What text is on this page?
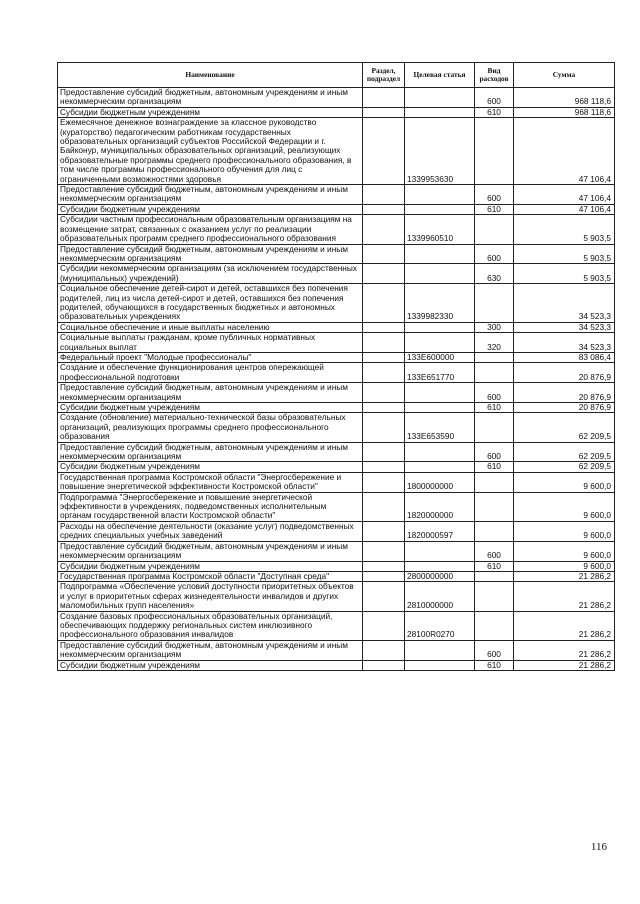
Наименование	Раздел, подраздел	Целевая статья	Вид расходов	Сумма
Предоставление субсидий бюджетным, автономным учреждениям и иным некоммерческим организациям			600	968 118,6
Субсидии бюджетным учреждениям			610	968 118,6
Ежемесячное денежное вознаграждение за классное руководство (кураторство) педагогическим работникам государственных образовательных организаций субъектов Российской Федерации и г. Байконур, муниципальных образовательных организаций, реализующих образовательные программы среднего профессионального образования, в том числе программы профессионального обучения для лиц с ограниченными возможностями здоровья		1339953630		47 106,4
Предоставление субсидий бюджетным, автономным учреждениям и иным некоммерческим организациям			600	47 106,4
Субсидии бюджетным учреждениям			610	47 106,4
Субсидии частным профессиональным образовательным организациям на возмещение затрат, связанных с оказанием услуг по реализации образовательных программ среднего профессионального образования		1339960510		5 903,5
Предоставление субсидий бюджетным, автономным учреждениям и иным некоммерческим организациям			600	5 903,5
Субсидии некоммерческим организациям (за исключением государственных (муниципальных) учреждений)			630	5 903,5
Социальное обеспечение детей-сирот и детей, оставшихся без попечения родителей, лиц из числа детей-сирот и детей, оставшихся без попечения родителей, обучающихся в государственных бюджетных и автономных образовательных учреждениях		1339982330		34 523,3
Социальное обеспечение и иные выплаты населению			300	34 523,3
Социальные выплаты гражданам, кроме публичных нормативных социальных выплат			320	34 523,3
Федеральный проект "Молодые профессионалы"		133Е600000		83 086,4
Создание и обеспечение функционирования центров опережающей профессиональной подготовки		133Е651770		20 876,9
Предоставление субсидий бюджетным, автономным учреждениям и иным некоммерческим организациям			600	20 876,9
Субсидии бюджетным учреждениям			610	20 876,9
Создание (обновление) материально-технической базы образовательных организаций, реализующих программы среднего профессионального образования		133Е653590		62 209,5
Предоставление субсидий бюджетным, автономным учреждениям и иным некоммерческим организациям			600	62 209,5
Субсидии бюджетным учреждениям			610	62 209,5
Государственная программа Костромской области "Энергосбережение и повышение энергетической эффективности Костромской области"		1800000000		9 600,0
Подпрограмма "Энергосбережение и повышение энергетической эффективности в учреждениях, подведомственных исполнительным органам государственной власти Костромской области"		1820000000		9 600,0
Расходы на обеспечение деятельности (оказание услуг) подведомственных средних специальных учебных заведений		1820000597		9 600,0
Предоставление субсидий бюджетным, автономным учреждениям и иным некоммерческим организациям			600	9 600,0
Субсидии бюджетным учреждениям			610	9 600,0
Государственная программа Костромской области "Доступная среда"		2800000000		21 286,2
Подпрограмма «Обеспечение условий доступности приоритетных объектов и услуг в приоритетных сферах жизнедеятельности инвалидов и других маломобильных групп населения»		2810000000		21 286,2
Создание базовых профессиональных образовательных организаций, обеспечивающих поддержку региональных систем инклюзивного профессионального образования инвалидов		28100R0270		21 286,2
Предоставление субсидий бюджетным, автономным учреждениям и иным некоммерческим организациям			600	21 286,2
Субсидии бюджетным учреждениям			610	21 286,2
116
